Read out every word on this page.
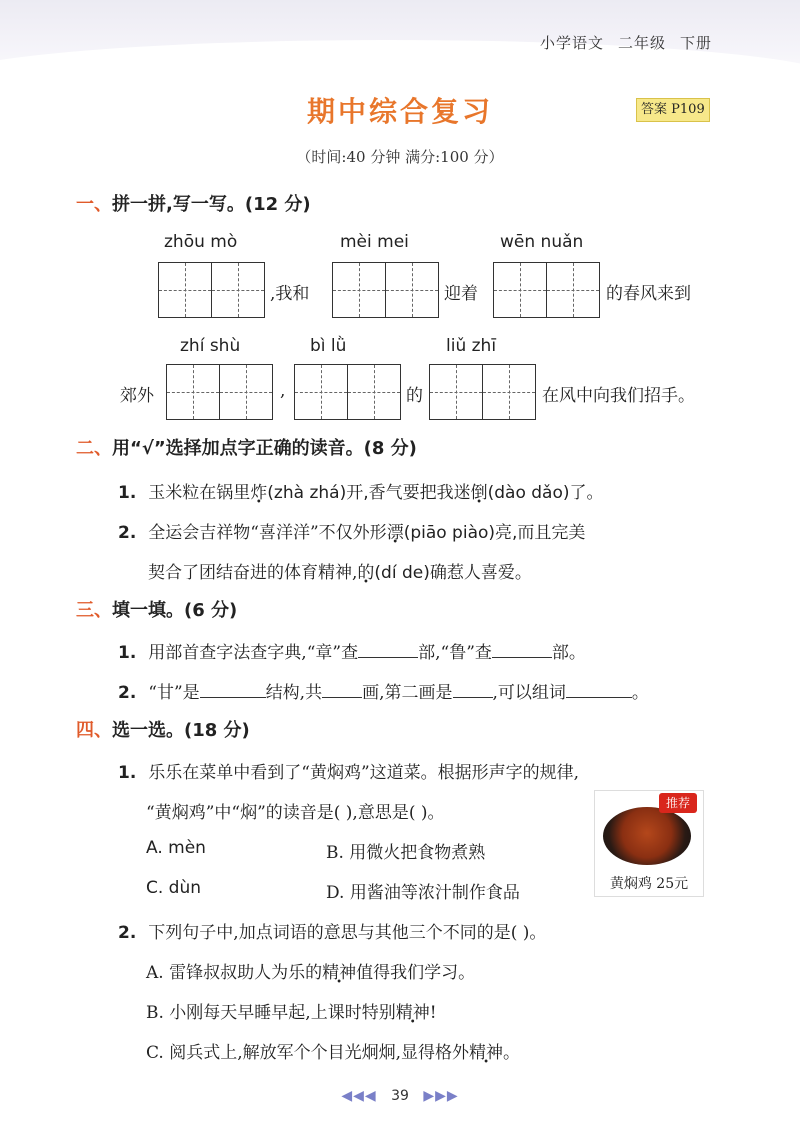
小学语文 二年级 下册
期中综合复习	答案 P109
（时间:40 分钟 满分:100 分）
一、拼一拼,写一写。(12 分)
zhōu mò	mèi mei	wēn nuǎn
,我和	迎着	的春风来到
zhí shù	bì lǜ	liǔ zhī
郊外	,	的	在风中向我们招手。
二、用“√”选择加点字正确的读音。(8 分)
1. 玉米粒在锅里炸(zhà zhá)开,香气要把我迷倒(dào dǎo)了。
2. 全运会吉祥物“喜洋洋”不仅外形漂(piāo piào)亮,而且完美
契合了团结奋进的体育精神,的(dí de)确惹人喜爱。
三、填一填。(6 分)
1. 用部首查字法查字典,“章”查	部,“鲁”查	部。
2. “甘”是	结构,共 画,第二画是 ,可以组词	。
四、选一选。(18 分)
1. 乐乐在菜单中看到了“黄焖鸡”这道菜。根据形声字的规律,
“黄焖鸡”中“焖”的读音是( ),意思是( )。
A. mèn	B. 用微火把食物煮熟
C. dùn	D. 用酱油等浓汁制作食品
推荐
黄焖鸡 25元
2. 下列句子中,加点词语的意思与其他三个不同的是( )。
A. 雷锋叔叔助人为乐的精神值得我们学习。
B. 小刚每天早睡早起,上课时特别精神!
C. 阅兵式上,解放军个个目光炯炯,显得格外精神。
◀◀◀ 39 ▶▶▶
